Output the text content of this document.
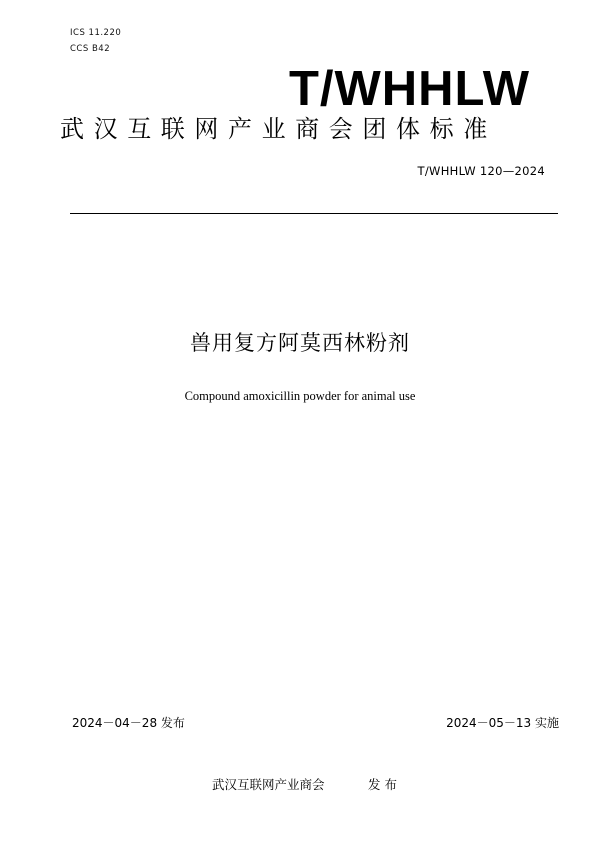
ICS 11.220
CCS B42
T/WHHLW
武汉互联网产业商会团体标准
T/WHHLW 120—2024
兽用复方阿莫西林粉剂
Compound amoxicillin powder for animal use
2024－04－28 发布	2024－05－13 实施
武汉互联网产业商会	发 布
